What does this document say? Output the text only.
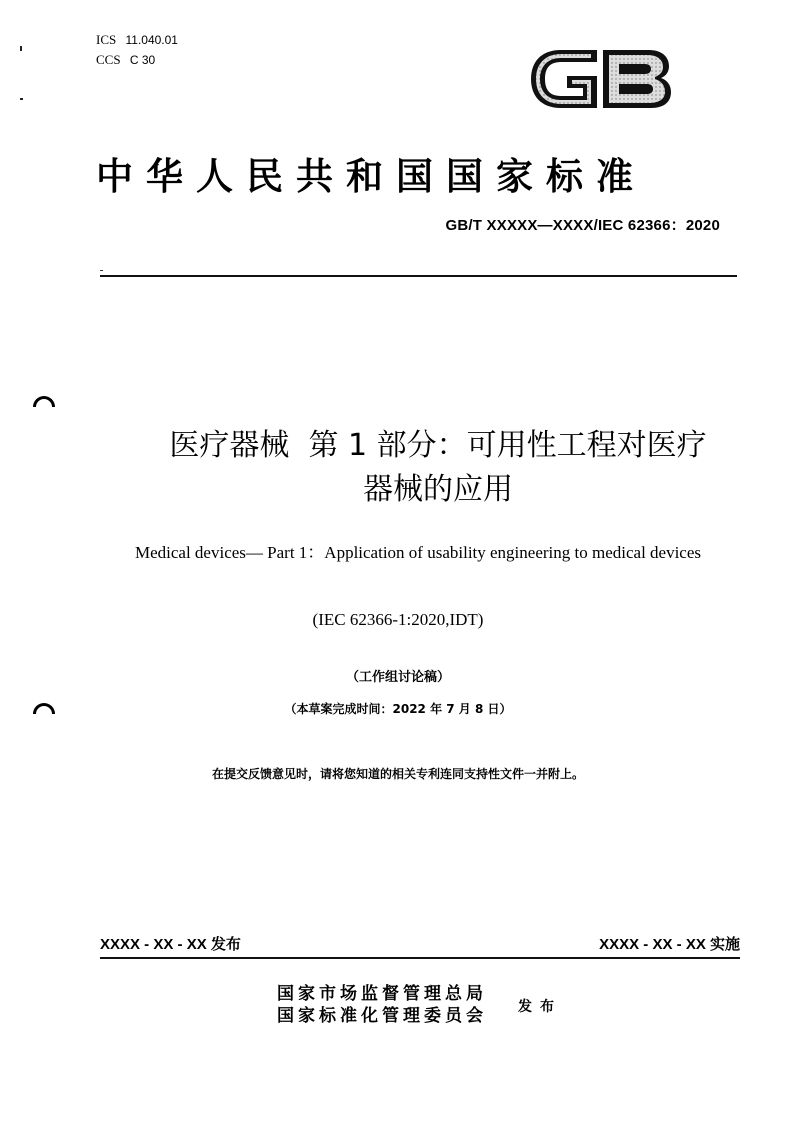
ICS 11.040.01
CCS C 30
中华人民共和国国家标准
GB/T XXXXX—XXXX/IEC 62366：2020
医疗器械  第 1 部分：可用性工程对医疗
器械的应用
Medical devices— Part 1：Application of usability engineering to medical devices
(IEC 62366-1:2020,IDT)
（工作组讨论稿）
（本草案完成时间：2022 年 7 月 8 日）
在提交反馈意见时，请将您知道的相关专利连同支持性文件一并附上。
XXXX - XX - XX 发布	XXXX - XX - XX 实施
国家市场监督管理总局
国家标准化管理委员会 发布
